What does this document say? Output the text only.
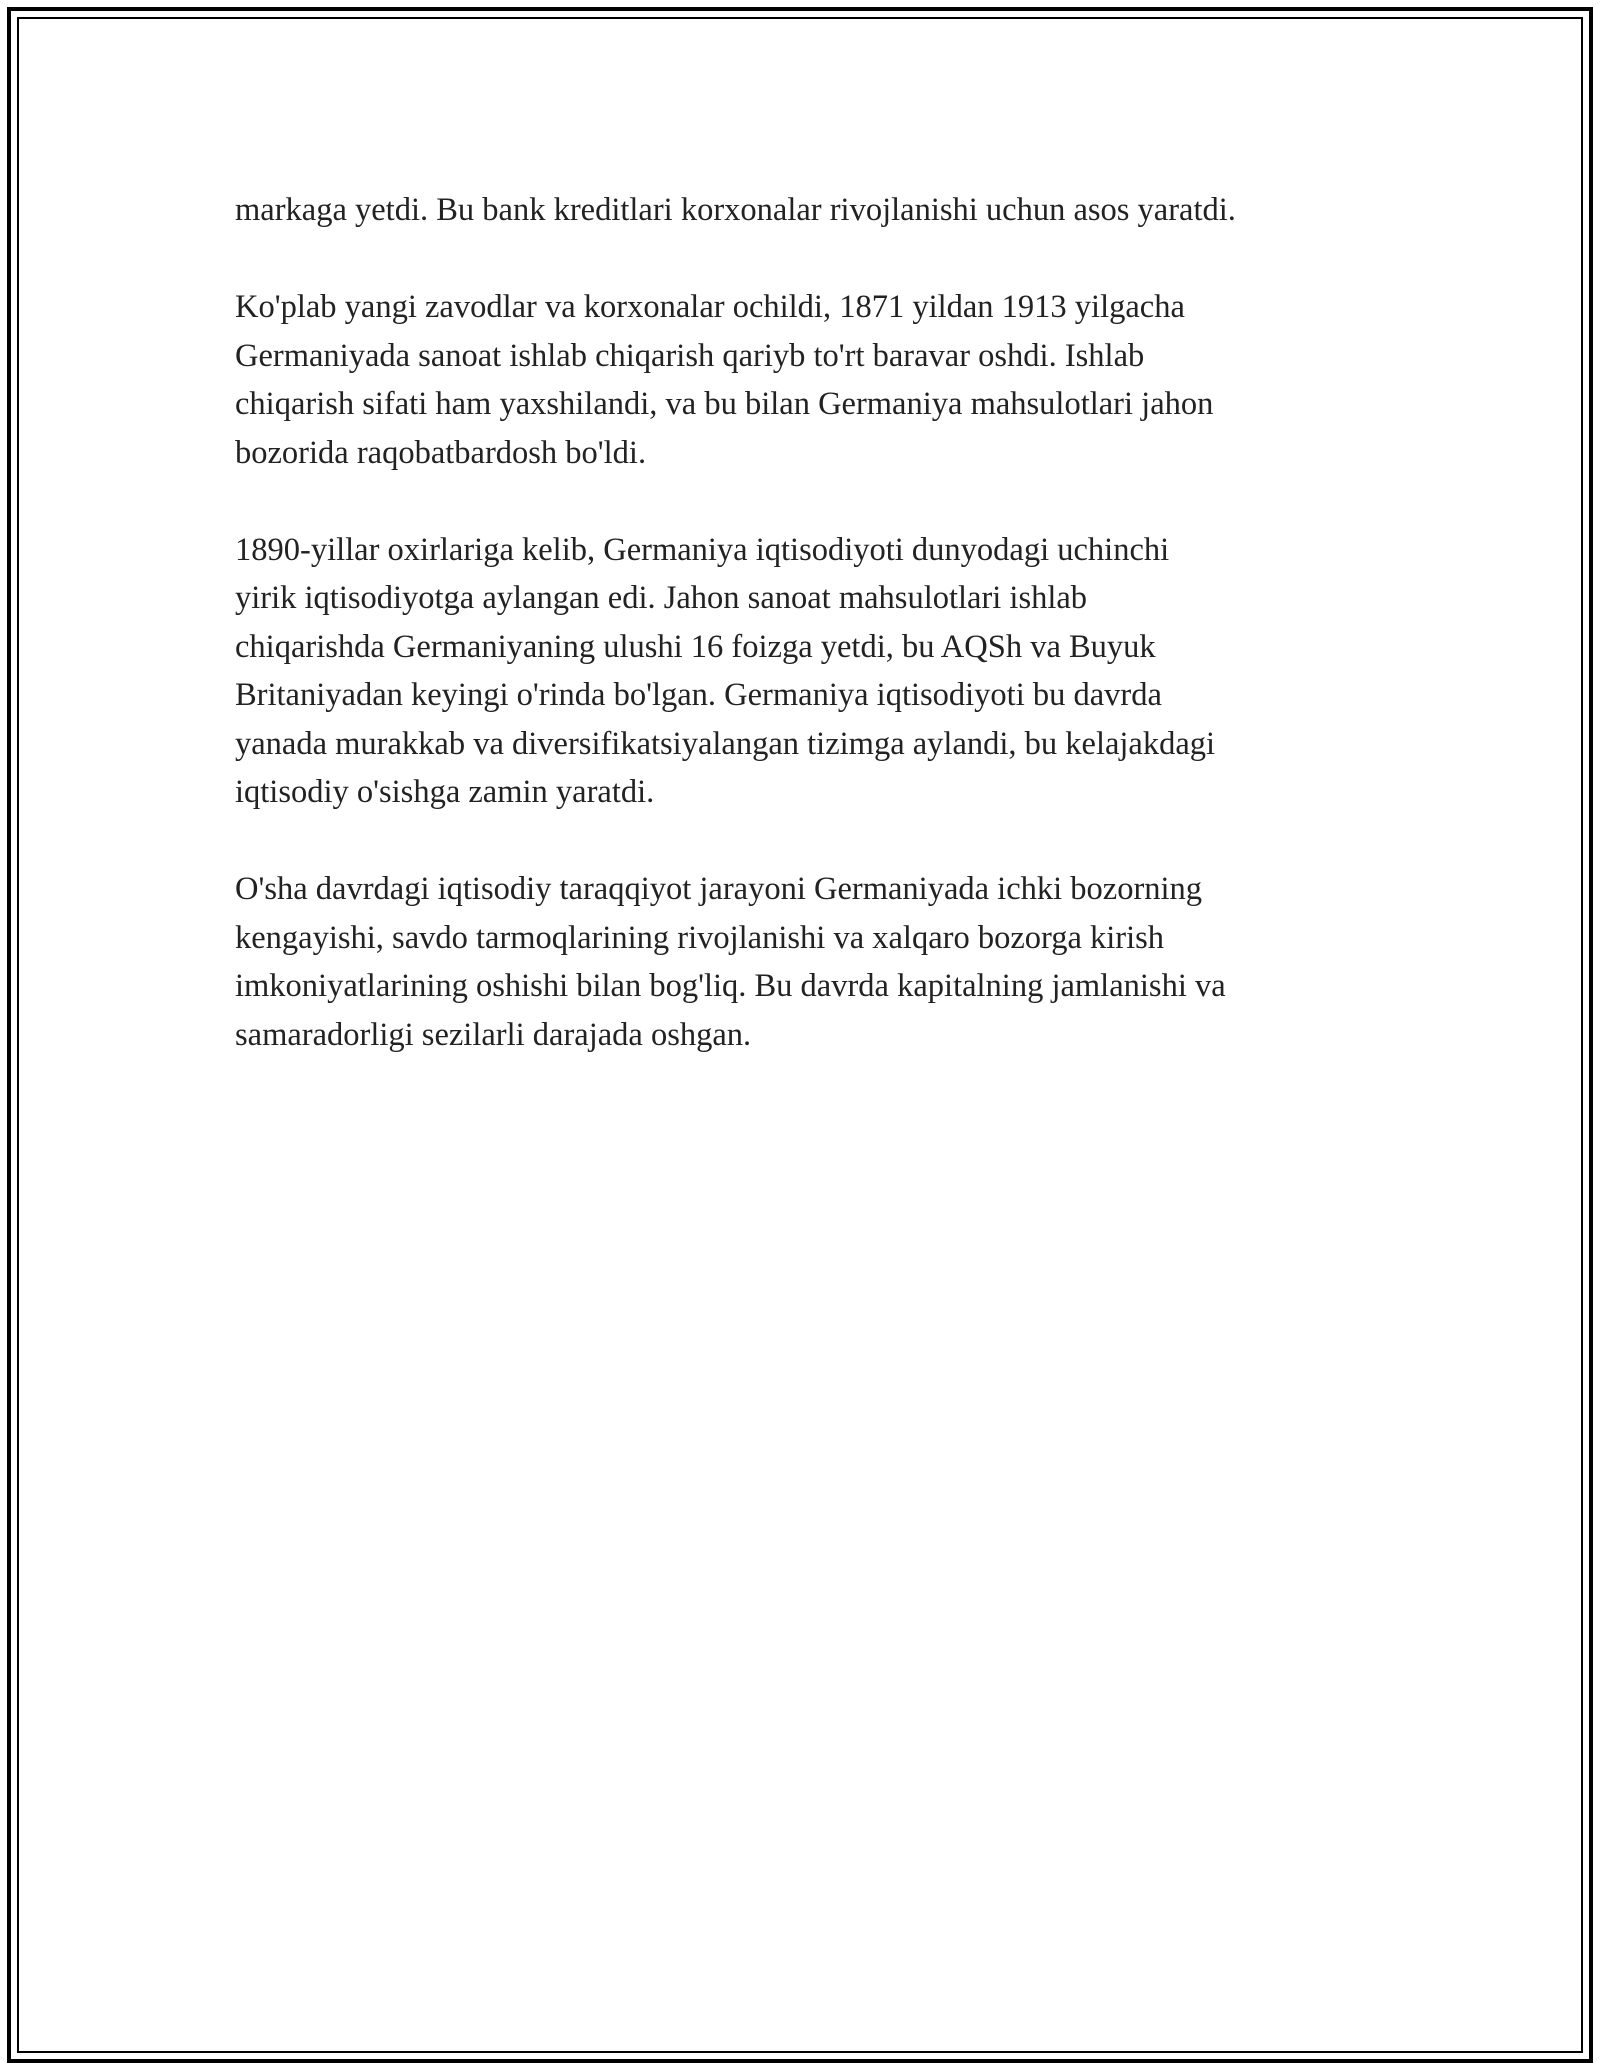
markaga yetdi. Bu bank kreditlari korxonalar rivojlanishi uchun asos yaratdi.

Ko'plab yangi zavodlar va korxonalar ochildi, 1871 yildan 1913 yilgacha
Germaniyada sanoat ishlab chiqarish qariyb to'rt baravar oshdi. Ishlab
chiqarish sifati ham yaxshilandi, va bu bilan Germaniya mahsulotlari jahon
bozorida raqobatbardosh bo'ldi.

1890-yillar oxirlariga kelib, Germaniya iqtisodiyoti dunyodagi uchinchi
yirik iqtisodiyotga aylangan edi. Jahon sanoat mahsulotlari ishlab
chiqarishda Germaniyaning ulushi 16 foizga yetdi, bu AQSh va Buyuk
Britaniyadan keyingi o'rinda bo'lgan. Germaniya iqtisodiyoti bu davrda
yanada murakkab va diversifikatsiyalangan tizimga aylandi, bu kelajakdagi
iqtisodiy o'sishga zamin yaratdi.

O'sha davrdagi iqtisodiy taraqqiyot jarayoni Germaniyada ichki bozorning
kengayishi, savdo tarmoqlarining rivojlanishi va xalqaro bozorga kirish
imkoniyatlarining oshishi bilan bog'liq. Bu davrda kapitalning jamlanishi va
samaradorligi sezilarli darajada oshgan.
